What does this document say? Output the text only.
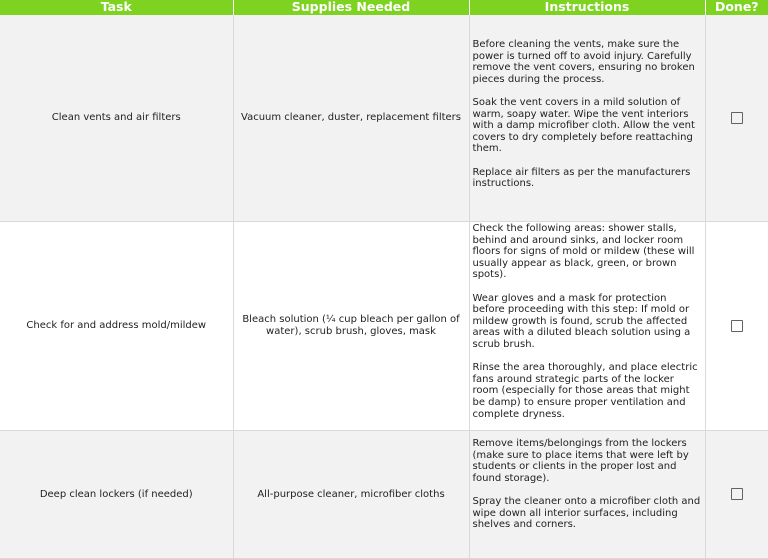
Task	Supplies Needed	Instructions	Done?
Clean vents and air filters	Vacuum cleaner, duster, replacement filters	Before cleaning the vents, make sure the power is turned off to avoid injury. Carefully remove the vent covers, ensuring no broken pieces during the process.

Soak the vent covers in a mild solution of warm, soapy water. Wipe the vent interiors with a damp microfiber cloth. Allow the vent covers to dry completely before reattaching them.

Replace air filters as per the manufacturers instructions.	

Check for and address mold/mildew	Bleach solution (¼ cup bleach per gallon of water), scrub brush, gloves, mask	Check the following areas: shower stalls, behind and around sinks, and locker room floors for signs of mold or mildew (these will usually appear as black, green, or brown spots).

Wear gloves and a mask for protection before proceeding with this step: If mold or mildew growth is found, scrub the affected areas with a diluted bleach solution using a scrub brush.

Rinse the area thoroughly, and place electric fans around strategic parts of the locker room (especially for those areas that might be damp) to ensure proper ventilation and complete dryness.	

Deep clean lockers (if needed)	All-purpose cleaner, microfiber cloths	Remove items/belongings from the lockers (make sure to place items that were left by students or clients in the proper lost and found storage).

Spray the cleaner onto a microfiber cloth and wipe down all interior surfaces, including shelves and corners.	
